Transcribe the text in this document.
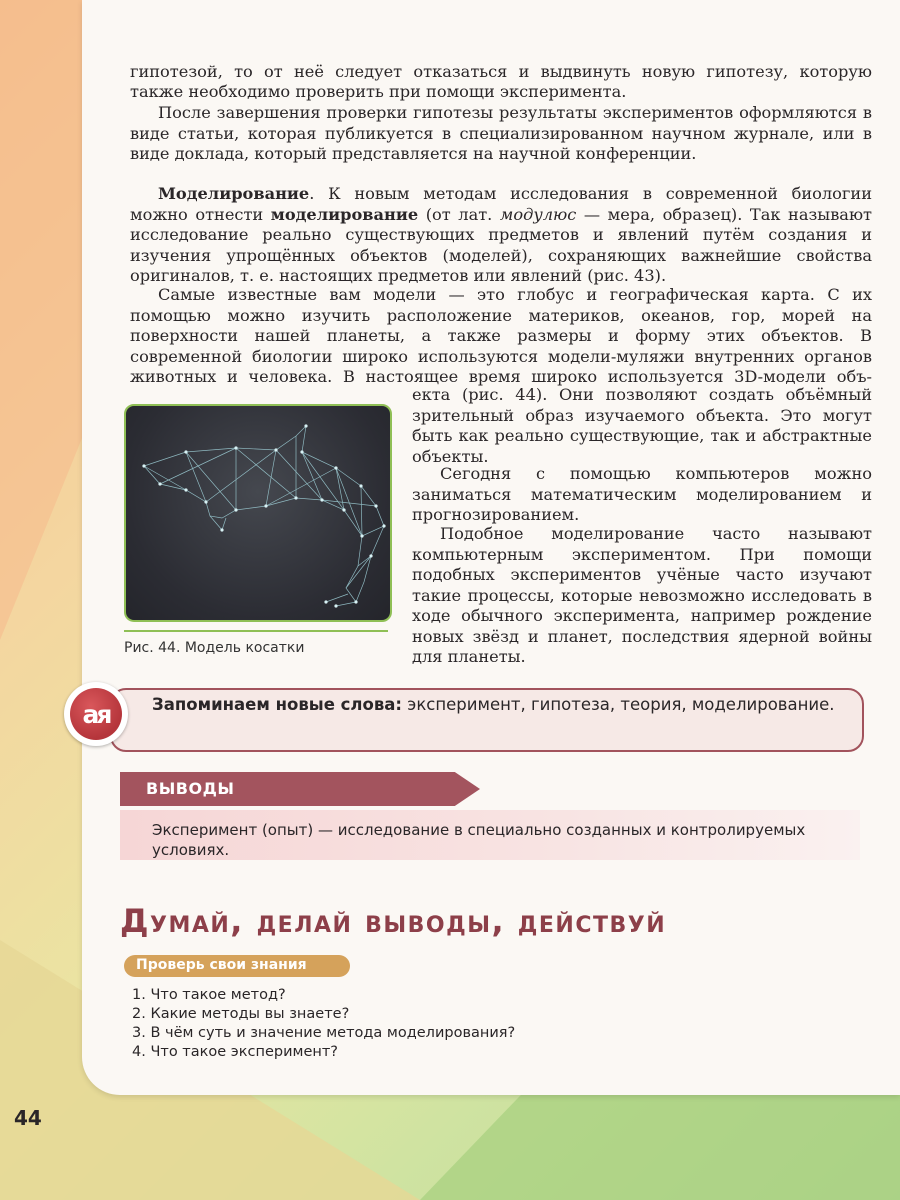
гипотезой, то от неё следует отказаться и выдвинуть новую гипотезу, которую

также необходимо проверить при помощи эксперимента.

После завершения проверки гипотезы результаты экспериментов оформляются в виде статьи, которая публикуется в специализированном научном журнале, или в виде доклада, который представляется на научной конференции.

Моделирование. К новым методам исследования в современной биологии можно отнести моделирование (от лат. модулюс — мера, образец). Так называют исследование реально существующих предметов и явлений путём создания и изучения упрощённых объектов (моделей), сохраняющих важнейшие свойства оригиналов, т. е. настоящих предметов или явлений (рис. 43).

Самые известные вам модели — это глобус и географическая карта. С их помощью можно изучить расположение материков, океанов, гор, морей на поверхности нашей планеты, а также размеры и форму этих объектов. В современной биологии широко используются модели-муляжи внутренних органов животных и человека. В настоящее время широко используется 3D-модели объ-

екта (рис. 44). Они позволяют создать объёмный зрительный образ изучаемого объекта. Это могут быть как реально существующие, так и абстрактные объекты.

Сегодня с помощью компьютеров можно заниматься математическим моделированием и прогнозированием.

Подобное моделирование часто называют компьютерным экспериментом. При помощи подобных экспериментов учёные часто изучают такие процессы, которые невозможно исследовать в ходе обычного эксперимента, например рождение новых звёзд и планет, последствия ядерной войны для планеты.

Рис. 44. Модель косатки

ая	Запоминаем новые слова: эксперимент, гипотеза, теория, моделирование.

ВЫВОДЫ

Эксперимент (опыт) — исследование в специально созданных и контролируемых условиях.

Думай, делай выводы, действуй

Проверь свои знания

1. Что такое метод?
2. Какие методы вы знаете?
3. В чём суть и значение метода моделирования?
4. Что такое эксперимент?

44
